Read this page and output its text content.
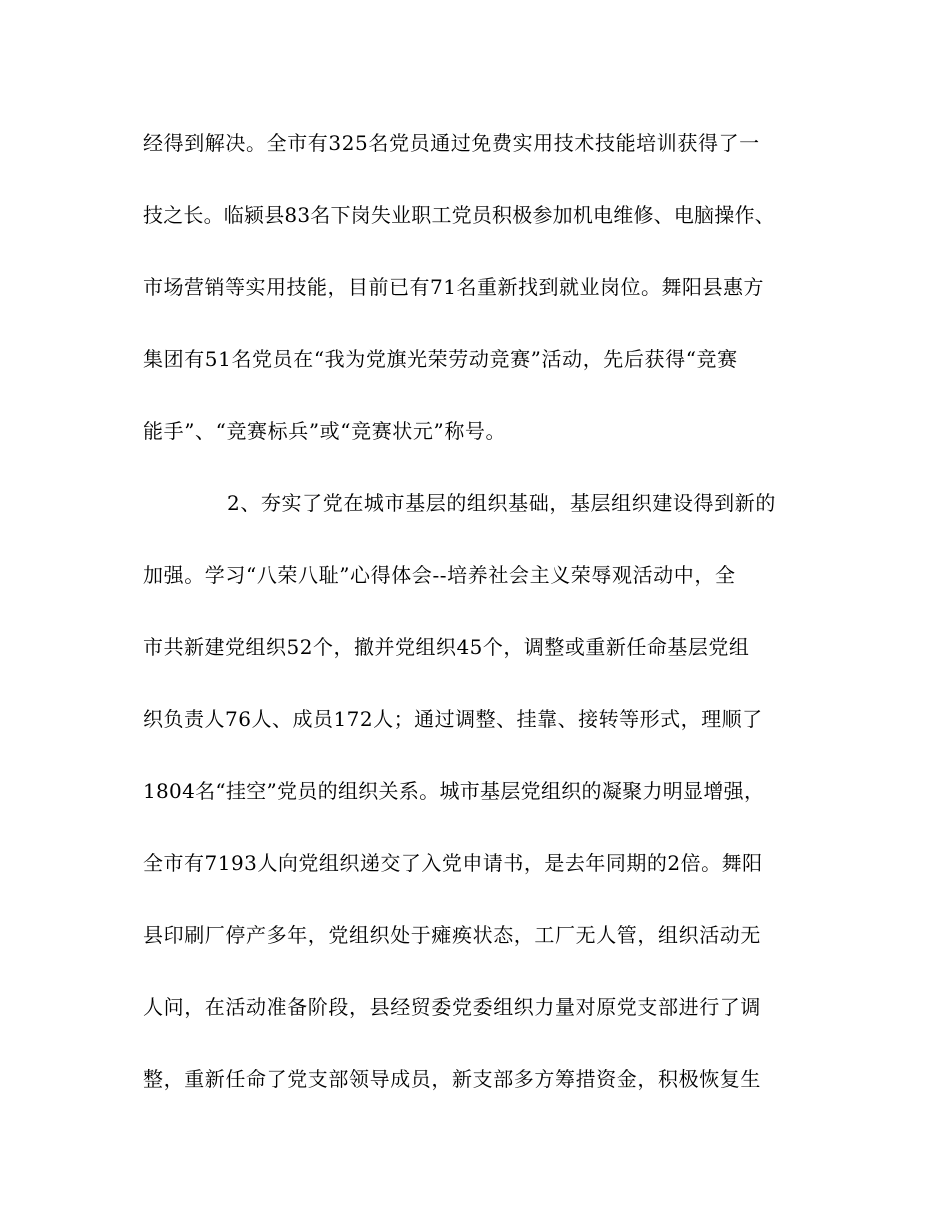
经得到解决。全市有325名党员通过免费实用技术技能培训获得了一
技之长。临颍县83名下岗失业职工党员积极参加机电维修、电脑操作、
市场营销等实用技能，目前已有71名重新找到就业岗位。舞阳县惠方
集团有51名党员在“我为党旗光荣劳动竞赛”活动，先后获得“竞赛
能手”、“竞赛标兵”或“竞赛状元”称号。
2、夯实了党在城市基层的组织基础，基层组织建设得到新的
加强。学习“八荣八耻”心得体会--培养社会主义荣辱观活动中，全
市共新建党组织52个，撤并党组织45个，调整或重新任命基层党组
织负责人76人、成员172人；通过调整、挂靠、接转等形式，理顺了
1804名“挂空”党员的组织关系。城市基层党组织的凝聚力明显增强，
全市有7193人向党组织递交了入党申请书，是去年同期的2倍。舞阳
县印刷厂停产多年，党组织处于瘫痪状态，工厂无人管，组织活动无
人问，在活动准备阶段，县经贸委党委组织力量对原党支部进行了调
整，重新任命了党支部领导成员，新支部多方筹措资金，积极恢复生
